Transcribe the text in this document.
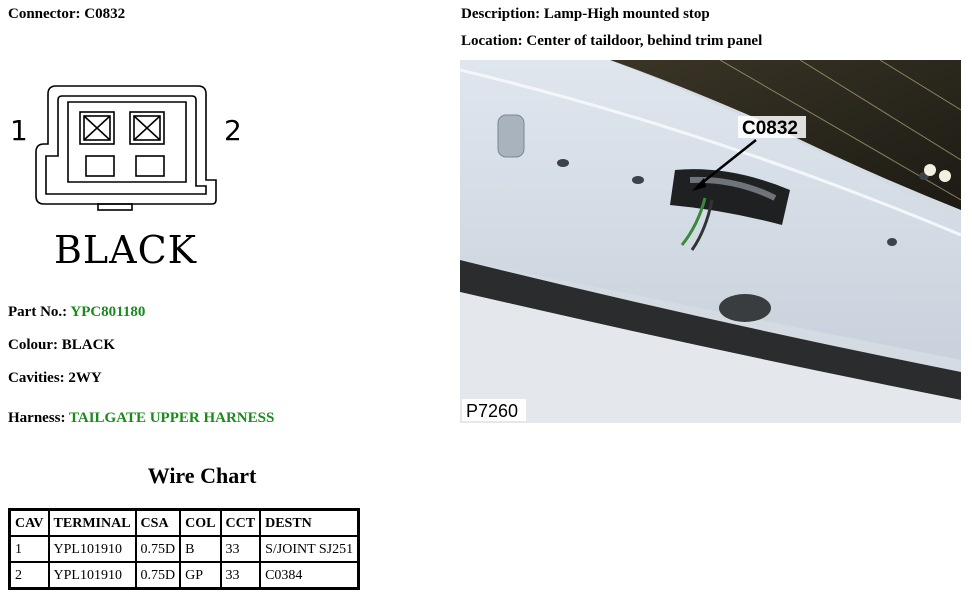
Connector: C0832	Description: Lamp-High mounted stop
Location: Center of taildoor, behind trim panel
1	2
BLACK
Part No.: YPC801180
Colour: BLACK
Cavities: 2WY
Harness: TAILGATE UPPER HARNESS
Wire Chart
CAV	TERMINAL	CSA	COL	CCT	DESTN
1	YPL101910	0.75D	B	33	S/JOINT SJ251
2	YPL101910	0.75D	GP	33	C0384
C0832
P7260
